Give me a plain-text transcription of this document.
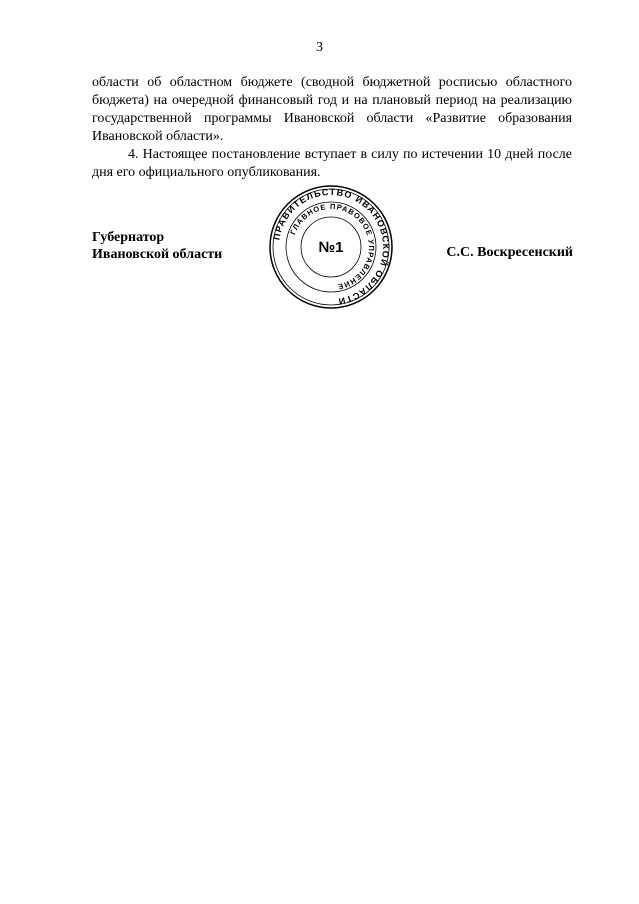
3

области об областном бюджете (сводной бюджетной росписью областного бюджета) на очередной финансовый год и на плановый период на реализацию государственной программы Ивановской области «Развитие образования Ивановской области».

4. Настоящее постановление вступает в силу по истечении 10 дней после дня его официального опубликования.

Губернатор
Ивановской области
ПРАВИТЕЛЬСТВО ИВАНОВСКОЙ ОБЛАСТИ
ГЛАВНОЕ ПРАВОВОЕ УПРАВЛЕНИЕ
№1	С.С. Воскресенский
